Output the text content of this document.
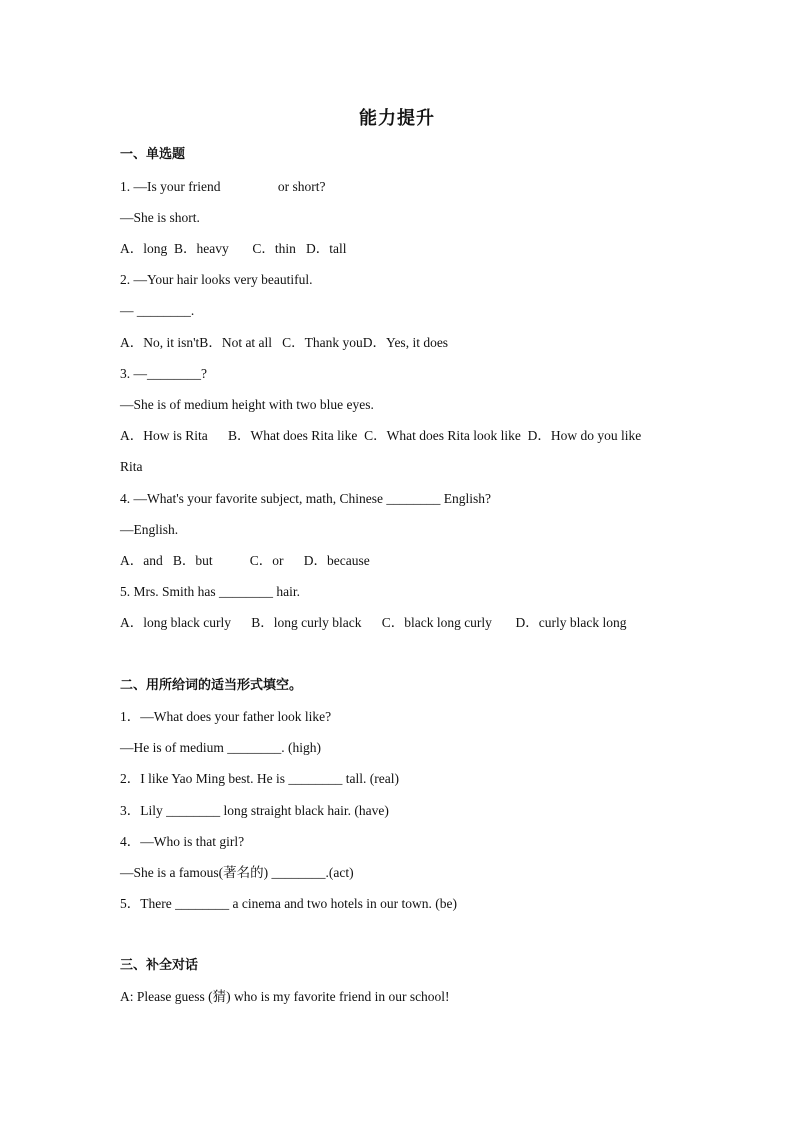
能力提升
一、单选题
1. —Is your friend                 or short?
—She is short.
A．long  B．heavy       C．thin   D．tall
2. —Your hair looks very beautiful.
— ________.
A．No, it isn'tB．Not at all   C．Thank youD．Yes, it does
3. —________?
—She is of medium height with two blue eyes.
A．How is Rita      B．What does Rita like  C．What does Rita look like  D．How do you like
Rita
4. —What's your favorite subject, math, Chinese ________ English?
—English.
A．and   B．but           C．or      D．because
5. Mrs. Smith has ________ hair.
A．long black curly      B．long curly black      C．black long curly       D．curly black long
二、用所给词的适当形式填空。
1．—What does your father look like?
—He is of medium ________. (high)
2．I like Yao Ming best. He is ________ tall. (real)
3．Lily ________ long straight black hair. (have)
4．—Who is that girl?
—She is a famous(著名的) ________.(act)
5．There ________ a cinema and two hotels in our town. (be)
三、补全对话
A: Please guess (猜) who is my favorite friend in our school!
